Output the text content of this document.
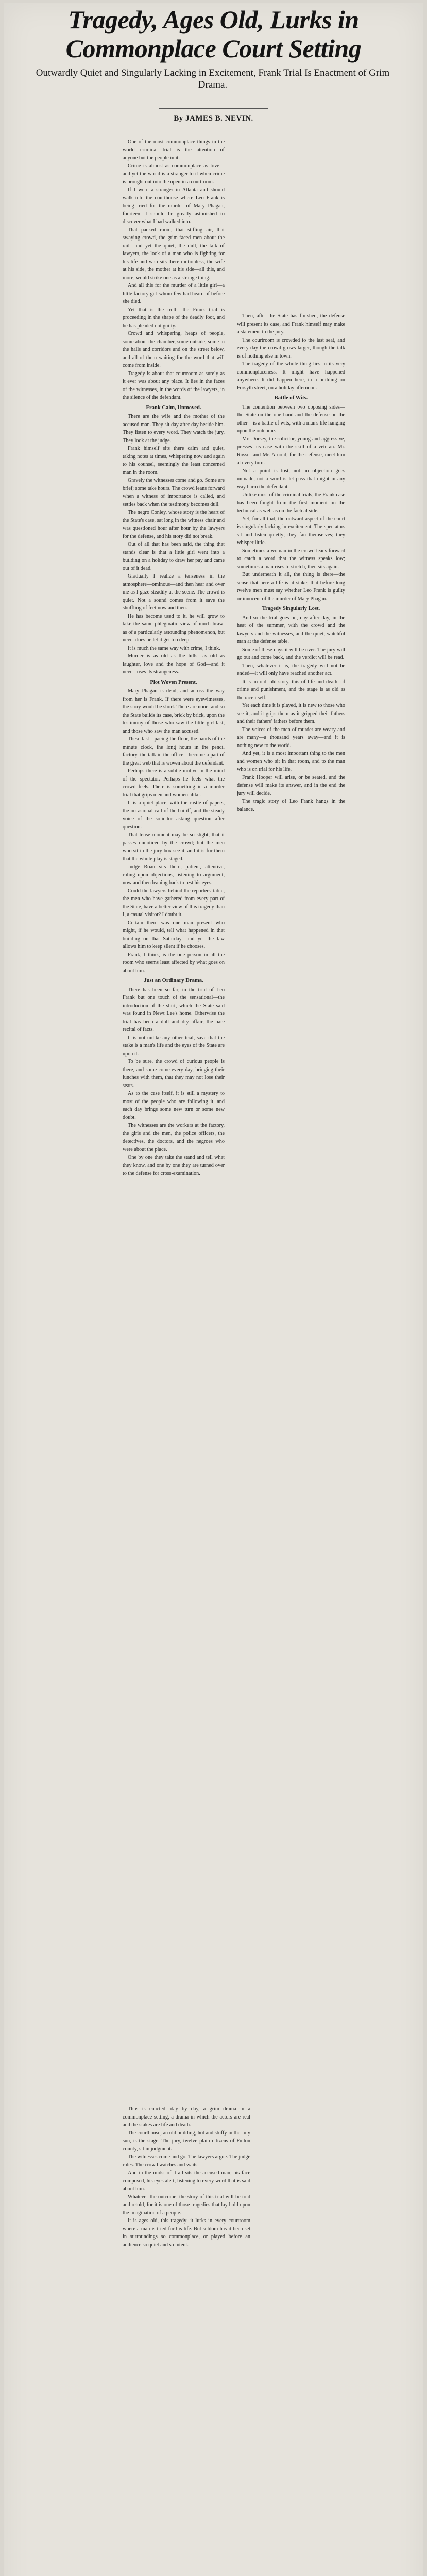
Tragedy, Ages Old, Lurks in Commonplace Court Setting
Outwardly Quiet and Singularly Lacking in Excitement, Frank Trial Is Enactment of Grim Drama.
By JAMES B. NEVIN.

One of the most commonplace things in the world—criminal trial—is the attention of anyone but the people in it.

Crime is almost as commonplace as love—and yet the world is a stranger to it when crime is brought out into the open in a courtroom.

If I were a stranger in Atlanta and should walk into the courthouse where Leo Frank is being tried for the murder of Mary Phagan, fourteen—I should be greatly astonished to discover what I had walked into.

That packed room, that stifling air, that swaying crowd, the grim-faced men about the rail—and yet the quiet, the dull, the talk of lawyers, the look of a man who is fighting for his life and who sits there motionless, the wife at his side, the mother at his side—all this, and more, would strike one as a strange thing.

And all this for the murder of a little girl—a little factory girl whom few had heard of before she died.

Yet that is the truth—the Frank trial is proceeding in the shape of the deadly foot, and he has pleaded not guilty.

Crowd and whispering, heaps of people, some about the chamber, some outside, some in the halls and corridors and on the street below, and all of them waiting for the word that will come from inside.

Tragedy is about that courtroom as surely as it ever was about any place. It lies in the faces of the witnesses, in the words of the lawyers, in the silence of the defendant.

Frank Calm, Unmoved.

There are the wife and the mother of the accused man. They sit day after day beside him. They listen to every word. They watch the jury. They look at the judge.

Frank himself sits there calm and quiet, taking notes at times, whispering now and again to his counsel, seemingly the least concerned man in the room.

Gravely the witnesses come and go. Some are brief; some take hours. The crowd leans forward when a witness of importance is called, and settles back when the testimony becomes dull.

The negro Conley, whose story is the heart of the State's case, sat long in the witness chair and was questioned hour after hour by the lawyers for the defense, and his story did not break.

Out of all that has been said, the thing that stands clear is that a little girl went into a building on a holiday to draw her pay and came out of it dead.

Gradually I realize a tenseness in the atmosphere—ominous—and then hear and over me as I gaze steadily at the scene. The crowd is quiet. Not a sound comes from it save the shuffling of feet now and then.

He has become used to it, he will grow to take the same phlegmatic view of much brawl as of a particularly astounding phenomenon, but never does he let it get too deep.

It is much the same way with crime, I think.

Murder is as old as the hills—as old as laughter, love and the hope of God—and it never loses its strangeness.

Plot Woven Present.

Mary Phagan is dead, and across the way from her is Frank. If there were eyewitnesses, the story would be short. There are none, and so the State builds its case, brick by brick, upon the testimony of those who saw the little girl last, and those who saw the man accused.

These last—pacing the floor, the hands of the minute clock, the long hours in the pencil factory, the talk in the office—become a part of the great web that is woven about the defendant.

Perhaps there is a subtle motive in the mind of the spectator. Perhaps he feels what the crowd feels. There is something in a murder trial that grips men and women alike.

It is a quiet place, with the rustle of papers, the occasional call of the bailiff, and the steady voice of the solicitor asking question after question.

That tense moment may be so slight, that it passes unnoticed by the crowd; but the men who sit in the jury box see it, and it is for them that the whole play is staged.

Judge Roan sits there, patient, attentive, ruling upon objections, listening to argument, now and then leaning back to rest his eyes.

Could the lawyers behind the reporters' table, the men who have gathered from every part of the State, have a better view of this tragedy than I, a casual visitor? I doubt it.

Certain there was one man present who might, if he would, tell what happened in that building on that Saturday—and yet the law allows him to keep silent if he chooses.

Frank, I think, is the one person in all the room who seems least affected by what goes on about him.

Just an Ordinary Drama.

There has been so far, in the trial of Leo Frank but one touch of the sensational—the introduction of the shirt, which the State said was found in Newt Lee's home. Otherwise the trial has been a dull and dry affair, the bare recital of facts.

It is not unlike any other trial, save that the stake is a man's life and the eyes of the State are upon it.

To be sure, the crowd of curious people is there, and some come every day, bringing their lunches with them, that they may not lose their seats.

As to the case itself, it is still a mystery to most of the people who are following it, and each day brings some new turn or some new doubt.

The witnesses are the workers at the factory, the girls and the men, the police officers, the detectives, the doctors, and the negroes who were about the place.

One by one they take the stand and tell what they know, and one by one they are turned over to the defense for cross-examination.

Then, after the State has finished, the defense will present its case, and Frank himself may make a statement to the jury.

The courtroom is crowded to the last seat, and every day the crowd grows larger, though the talk is of nothing else in town.

The tragedy of the whole thing lies in its very commonplaceness. It might have happened anywhere. It did happen here, in a building on Forsyth street, on a holiday afternoon.

Battle of Wits.

The contention between two opposing sides—the State on the one hand and the defense on the other—is a battle of wits, with a man's life hanging upon the outcome.

Mr. Dorsey, the solicitor, young and aggressive, presses his case with the skill of a veteran. Mr. Rosser and Mr. Arnold, for the defense, meet him at every turn.

Not a point is lost, not an objection goes unmade, not a word is let pass that might in any way harm the defendant.

Unlike most of the criminal trials, the Frank case has been fought from the first moment on the technical as well as on the factual side.

Yet, for all that, the outward aspect of the court is singularly lacking in excitement. The spectators sit and listen quietly; they fan themselves; they whisper little.

Sometimes a woman in the crowd leans forward to catch a word that the witness speaks low; sometimes a man rises to stretch, then sits again.

But underneath it all, the thing is there—the sense that here a life is at stake; that before long twelve men must say whether Leo Frank is guilty or innocent of the murder of Mary Phagan.

Tragedy Singularly Lost.

And so the trial goes on, day after day, in the heat of the summer, with the crowd and the lawyers and the witnesses, and the quiet, watchful man at the defense table.

Some of these days it will be over. The jury will go out and come back, and the verdict will be read.

Then, whatever it is, the tragedy will not be ended—it will only have reached another act.

It is an old, old story, this of life and death, of crime and punishment, and the stage is as old as the race itself.

Yet each time it is played, it is new to those who see it, and it grips them as it gripped their fathers and their fathers' fathers before them.

The voices of the men of murder are weary and are many—a thousand years away—and it is nothing new to the world.

And yet, it is a most important thing to the men and women who sit in that room, and to the man who is on trial for his life.

Frank Hooper will arise, or be seated, and the defense will make its answer, and in the end the jury will decide.

The tragic story of Leo Frank hangs in the balance.

Thus is enacted, day by day, a grim drama in a commonplace setting, a drama in which the actors are real and the stakes are life and death.

The courthouse, an old building, hot and stuffy in the July sun, is the stage. The jury, twelve plain citizens of Fulton county, sit in judgment.

The witnesses come and go. The lawyers argue. The judge rules. The crowd watches and waits.

And in the midst of it all sits the accused man, his face composed, his eyes alert, listening to every word that is said about him.

Whatever the outcome, the story of this trial will be told and retold, for it is one of those tragedies that lay hold upon the imagination of a people.

It is ages old, this tragedy; it lurks in every courtroom where a man is tried for his life. But seldom has it been set in surroundings so commonplace, or played before an audience so quiet and so intent.
